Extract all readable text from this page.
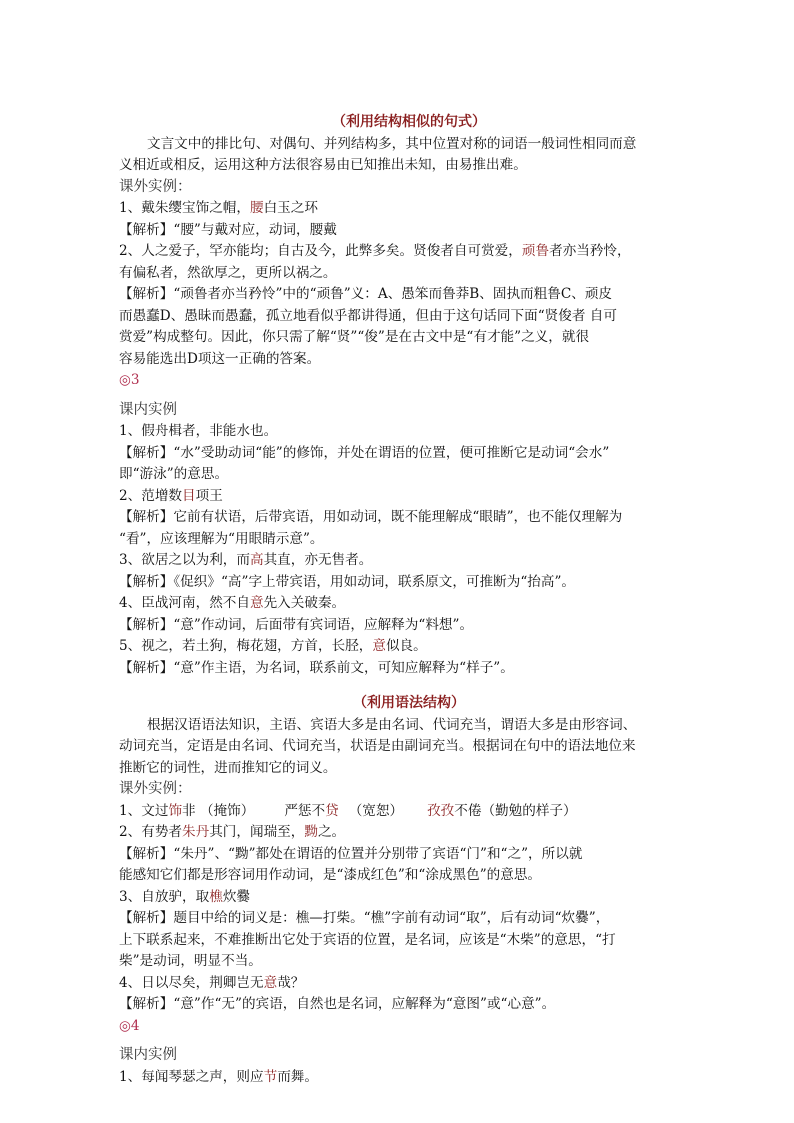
（利用结构相似的句式）
文言文中的排比句、对偶句、并列结构多，其中位置对称的词语一般词性相同而意
义相近或相反，运用这种方法很容易由已知推出未知，由易推出难。
课外实例：
1、戴朱缨宝饰之帽，腰白玉之环
【解析】“腰”与戴对应，动词，腰戴
2、人之爱子，罕亦能均；自古及今，此弊多矣。贤俊者自可赏爱，顽鲁者亦当矜怜，
有偏私者，然欲厚之，更所以祸之。
【解析】“顽鲁者亦当矜怜”中的“顽鲁”义：A、愚笨而鲁莽B、固执而粗鲁C、顽皮
而愚蠢D、愚昧而愚蠢，孤立地看似乎都讲得通，但由于这句话同下面“贤俊者 自可
赏爱”构成整句。因此，你只需了解“贤”“俊”是在古文中是“有才能”之义，就很
容易能选出D项这一正确的答案。
◎3
课内实例
1、假舟楫者，非能水也。
【解析】“水”受助动词“能”的修饰，并处在谓语的位置，便可推断它是动词“会水”
即“游泳”的意思。
2、范增数目项王
【解析】它前有状语，后带宾语，用如动词，既不能理解成“眼睛”，也不能仅理解为
“看”，应该理解为“用眼睛示意”。
3、欲居之以为利，而高其直，亦无售者。
【解析】《促织》“高”字上带宾语，用如动词，联系原文，可推断为“抬高”。
4、臣战河南，然不自意先入关破秦。
【解析】“意”作动词，后面带有宾词语，应解释为“料想”。
5、视之，若土狗，梅花翅，方首，长胫，意似良。
【解析】“意”作主语，为名词，联系前文，可知应解释为“样子”。
（利用语法结构）
根据汉语语法知识，主语、宾语大多是由名词、代词充当，谓语大多是由形容词、
动词充当，定语是由名词、代词充当，状语是由副词充当。根据词在句中的语法地位来
推断它的词性，进而推知它的词义。
课外实例：
1、文过饰非 （掩饰） 严惩不贷 （宽恕） 孜孜不倦（勤勉的样子）
2、有势者朱丹其门，闻瑞至，黝之。
【解析】“朱丹”、“黝”都处在谓语的位置并分别带了宾语“门”和“之”，所以就
能感知它们都是形容词用作动词，是“漆成红色”和“涂成黑色”的意思。
3、自放驴，取樵炊爨
【解析】题目中给的词义是：樵—打柴。“樵”字前有动词“取”，后有动词“炊爨”，
上下联系起来，不难推断出它处于宾语的位置，是名词，应该是“木柴”的意思，“打
柴”是动词，明显不当。
4、日以尽矣，荆卿岂无意哉？
【解析】“意”作“无”的宾语，自然也是名词，应解释为“意图”或“心意”。
◎4
课内实例
1、每闻琴瑟之声，则应节而舞。
